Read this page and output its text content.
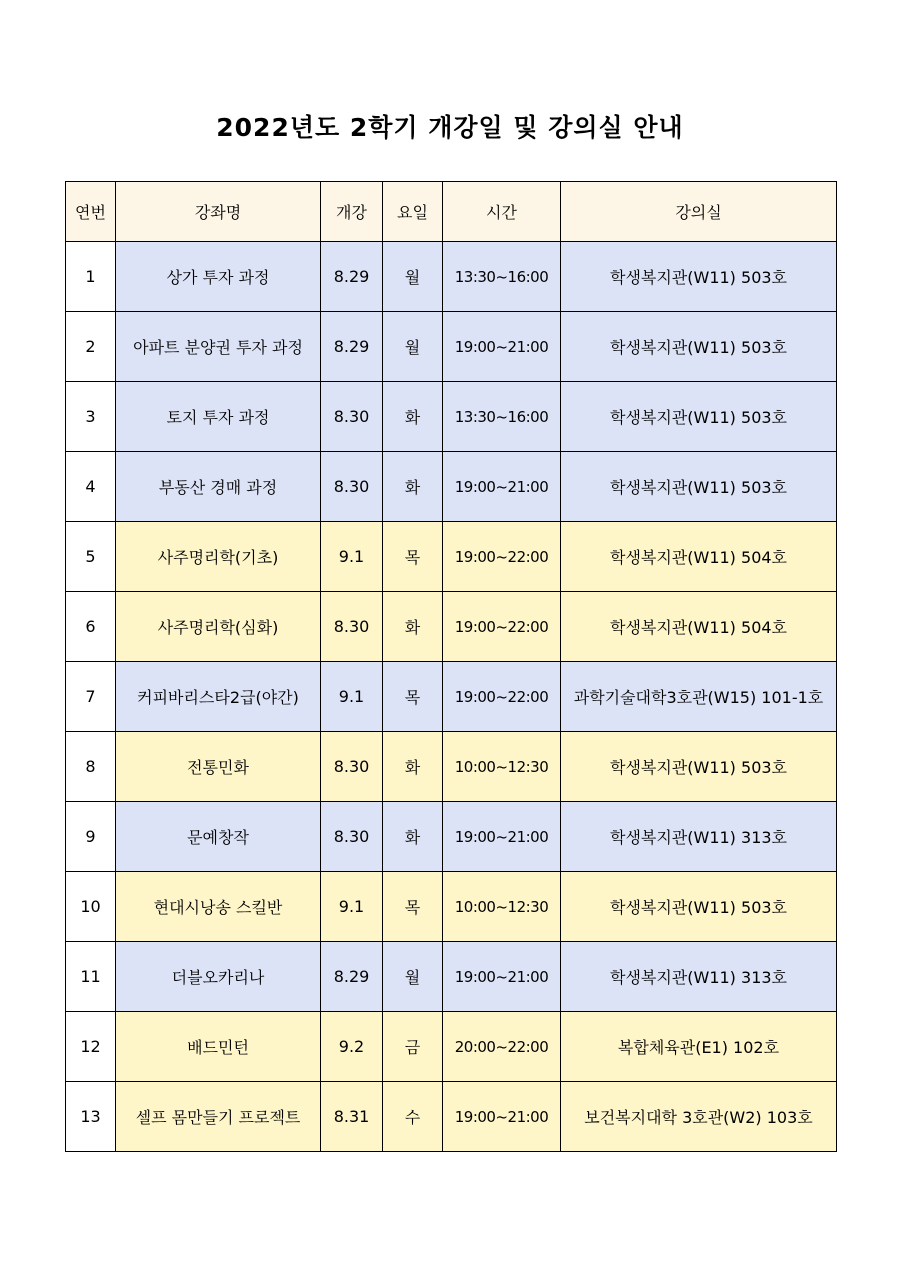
2022년도 2학기 개강일 및 강의실 안내
연번	강좌명	개강	요일	시간	강의실
1	상가 투자 과정	8.29	월	13:30~16:00	학생복지관(W11) 503호
2	아파트 분양권 투자 과정	8.29	월	19:00~21:00	학생복지관(W11) 503호
3	토지 투자 과정	8.30	화	13:30~16:00	학생복지관(W11) 503호
4	부동산 경매 과정	8.30	화	19:00~21:00	학생복지관(W11) 503호
5	사주명리학(기초)	9.1	목	19:00~22:00	학생복지관(W11) 504호
6	사주명리학(심화)	8.30	화	19:00~22:00	학생복지관(W11) 504호
7	커피바리스타2급(야간)	9.1	목	19:00~22:00	과학기술대학3호관(W15) 101-1호
8	전통민화	8.30	화	10:00~12:30	학생복지관(W11) 503호
9	문예창작	8.30	화	19:00~21:00	학생복지관(W11) 313호
10	현대시낭송 스킬반	9.1	목	10:00~12:30	학생복지관(W11) 503호
11	더블오카리나	8.29	월	19:00~21:00	학생복지관(W11) 313호
12	배드민턴	9.2	금	20:00~22:00	복합체육관(E1) 102호
13	셀프 몸만들기 프로젝트	8.31	수	19:00~21:00	보건복지대학 3호관(W2) 103호
